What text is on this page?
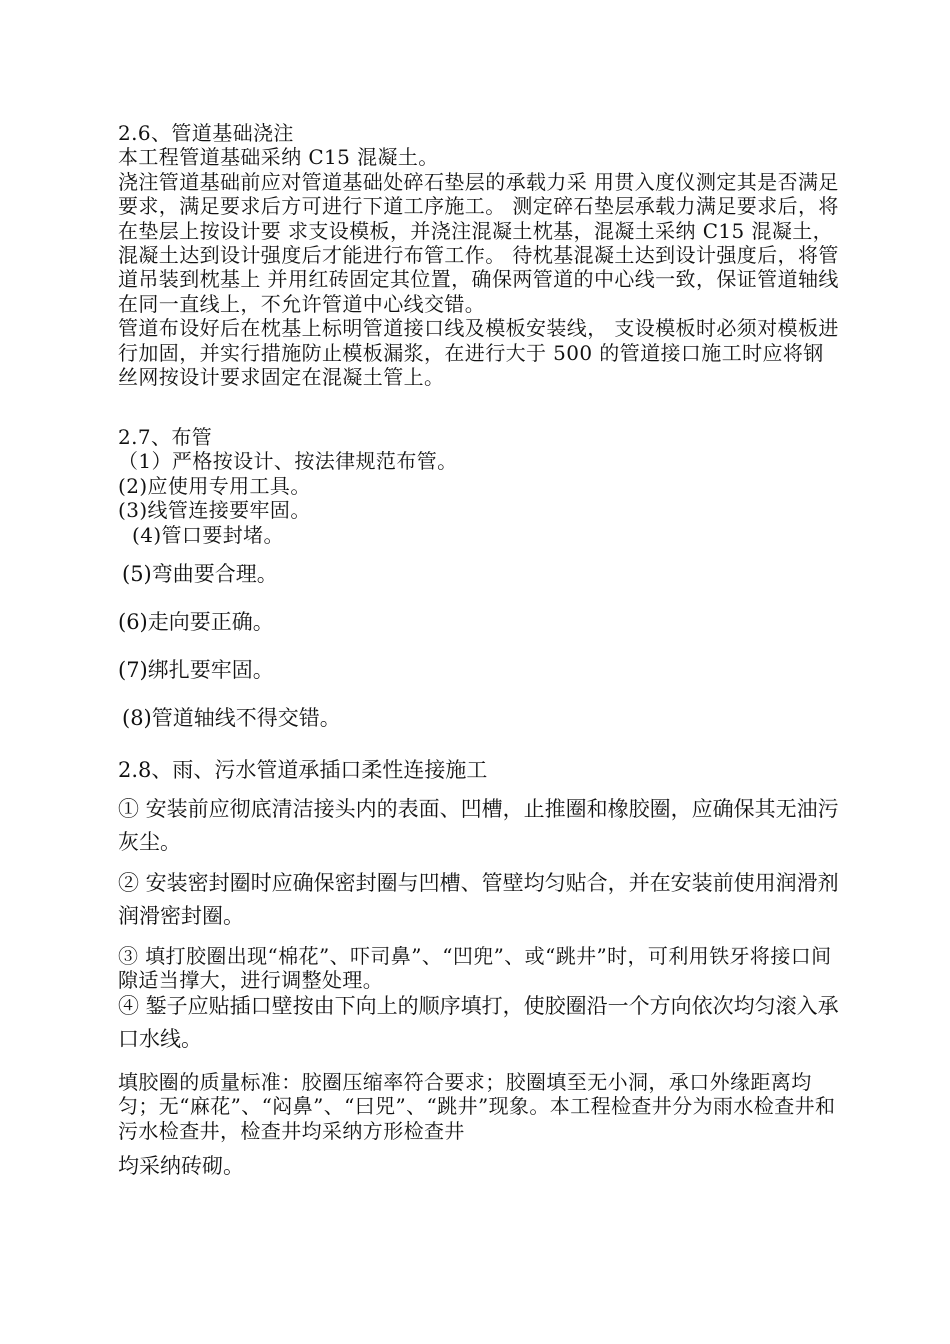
2.6、管道基础浇注

本工程管道基础采纳 C15 混凝土。

浇注管道基础前应对管道基础处碎石垫层的承载力采 用贯入度仪测定其是否满足要求，满足要求后方可进行下道工序施工。 测定碎石垫层承载力满足要求后，将在垫层上按设计要 求支设模板，并浇注混凝土枕基，混凝土采纳 C15 混凝土，混凝土达到设计强度后才能进行布管工作。 待枕基混凝土达到设计强度后，将管道吊装到枕基上 并用红砖固定其位置，确保两管道的中心线一致，保证管道轴线在同一直线上，不允许管道中心线交错。

管道布设好后在枕基上标明管道接口线及模板安装线， 支设模板时必须对模板进行加固，并实行措施防止模板漏浆，在进行大于 500 的管道接口施工时应将钢丝网按设计要求固定在混凝土管上。

2.7、布管

（1）严格按设计、按法律规范布管。

(2)应使用专用工具。

(3)线管连接要牢固。

(4)管口要封堵。

(5)弯曲要合理。

(6)走向要正确。

(7)绑扎要牢固。

(8)管道轴线不得交错。

2.8、雨、污水管道承插口柔性连接施工

① 安装前应彻底清洁接头内的表面、凹槽，止推圈和橡胶圈，应确保其无油污灰尘。

② 安装密封圈时应确保密封圈与凹槽、管壁均匀贴合，并在安装前使用润滑剂润滑密封圈。

③ 填打胶圈出现“棉花”、吓司鼻”、“凹兜”、或“跳井”时，可利用铁牙将接口间隙适当撑大，进行调整处理。

④ 錾子应贴插口壁按由下向上的顺序填打，使胶圈沿一个方向依次均匀滚入承口水线。

填胶圈的质量标准：胶圈压缩率符合要求；胶圈填至无小洞，承口外缘距离均匀；无“麻花”、“闷鼻”、“曰兕”、“跳井”现象。本工程检查井分为雨水检查井和污水检查井，检查井均采纳方形检查井

均采纳砖砌。
